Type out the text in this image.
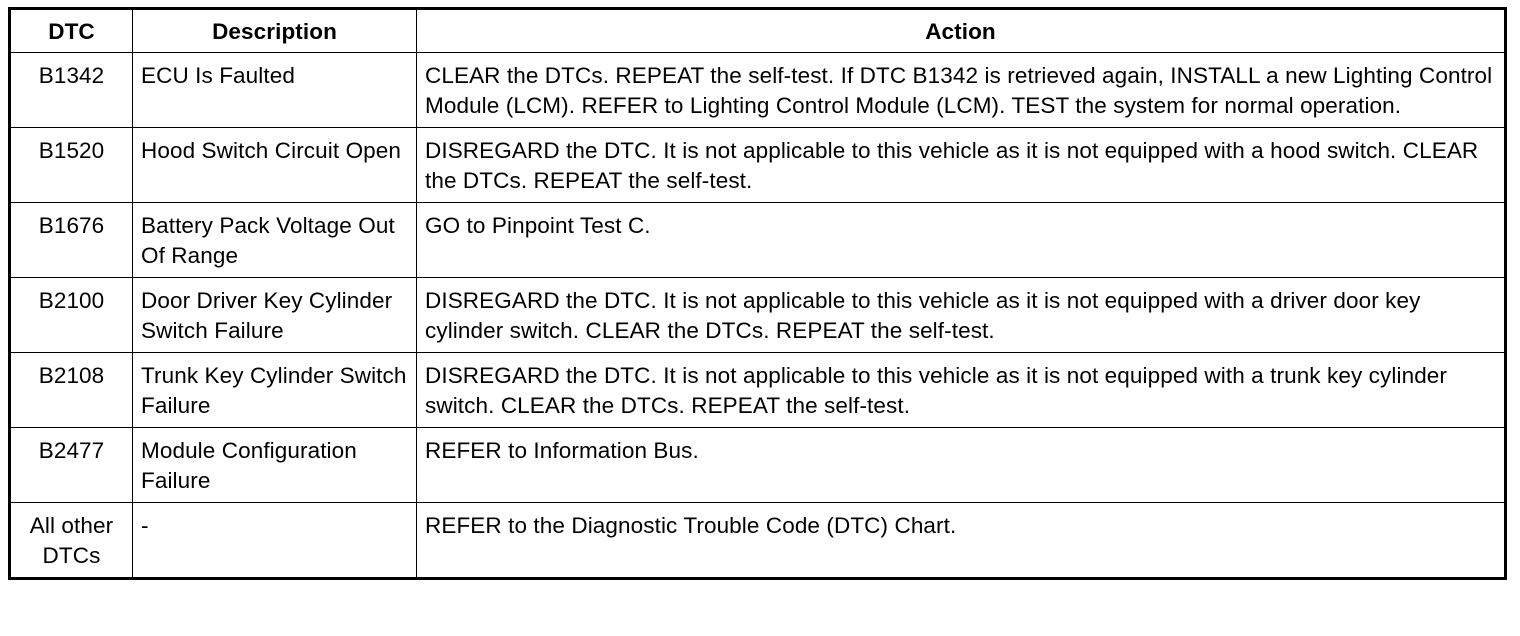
DTC	Description	Action
B1342	ECU Is Faulted	CLEAR the DTCs. REPEAT the self-test. If DTC B1342 is retrieved again, INSTALL a new Lighting Control Module (LCM). REFER to Lighting Control Module (LCM). TEST the system for normal operation.
B1520	Hood Switch Circuit Open	DISREGARD the DTC. It is not applicable to this vehicle as it is not equipped with a hood switch. CLEAR the DTCs. REPEAT the self-test.
B1676	Battery Pack Voltage Out Of Range	GO to Pinpoint Test C.
B2100	Door Driver Key Cylinder Switch Failure	DISREGARD the DTC. It is not applicable to this vehicle as it is not equipped with a driver door key cylinder switch. CLEAR the DTCs. REPEAT the self-test.
B2108	Trunk Key Cylinder Switch Failure	DISREGARD the DTC. It is not applicable to this vehicle as it is not equipped with a trunk key cylinder switch. CLEAR the DTCs. REPEAT the self-test.
B2477	Module Configuration Failure	REFER to Information Bus.
All other DTCs	-	REFER to the Diagnostic Trouble Code (DTC) Chart.
